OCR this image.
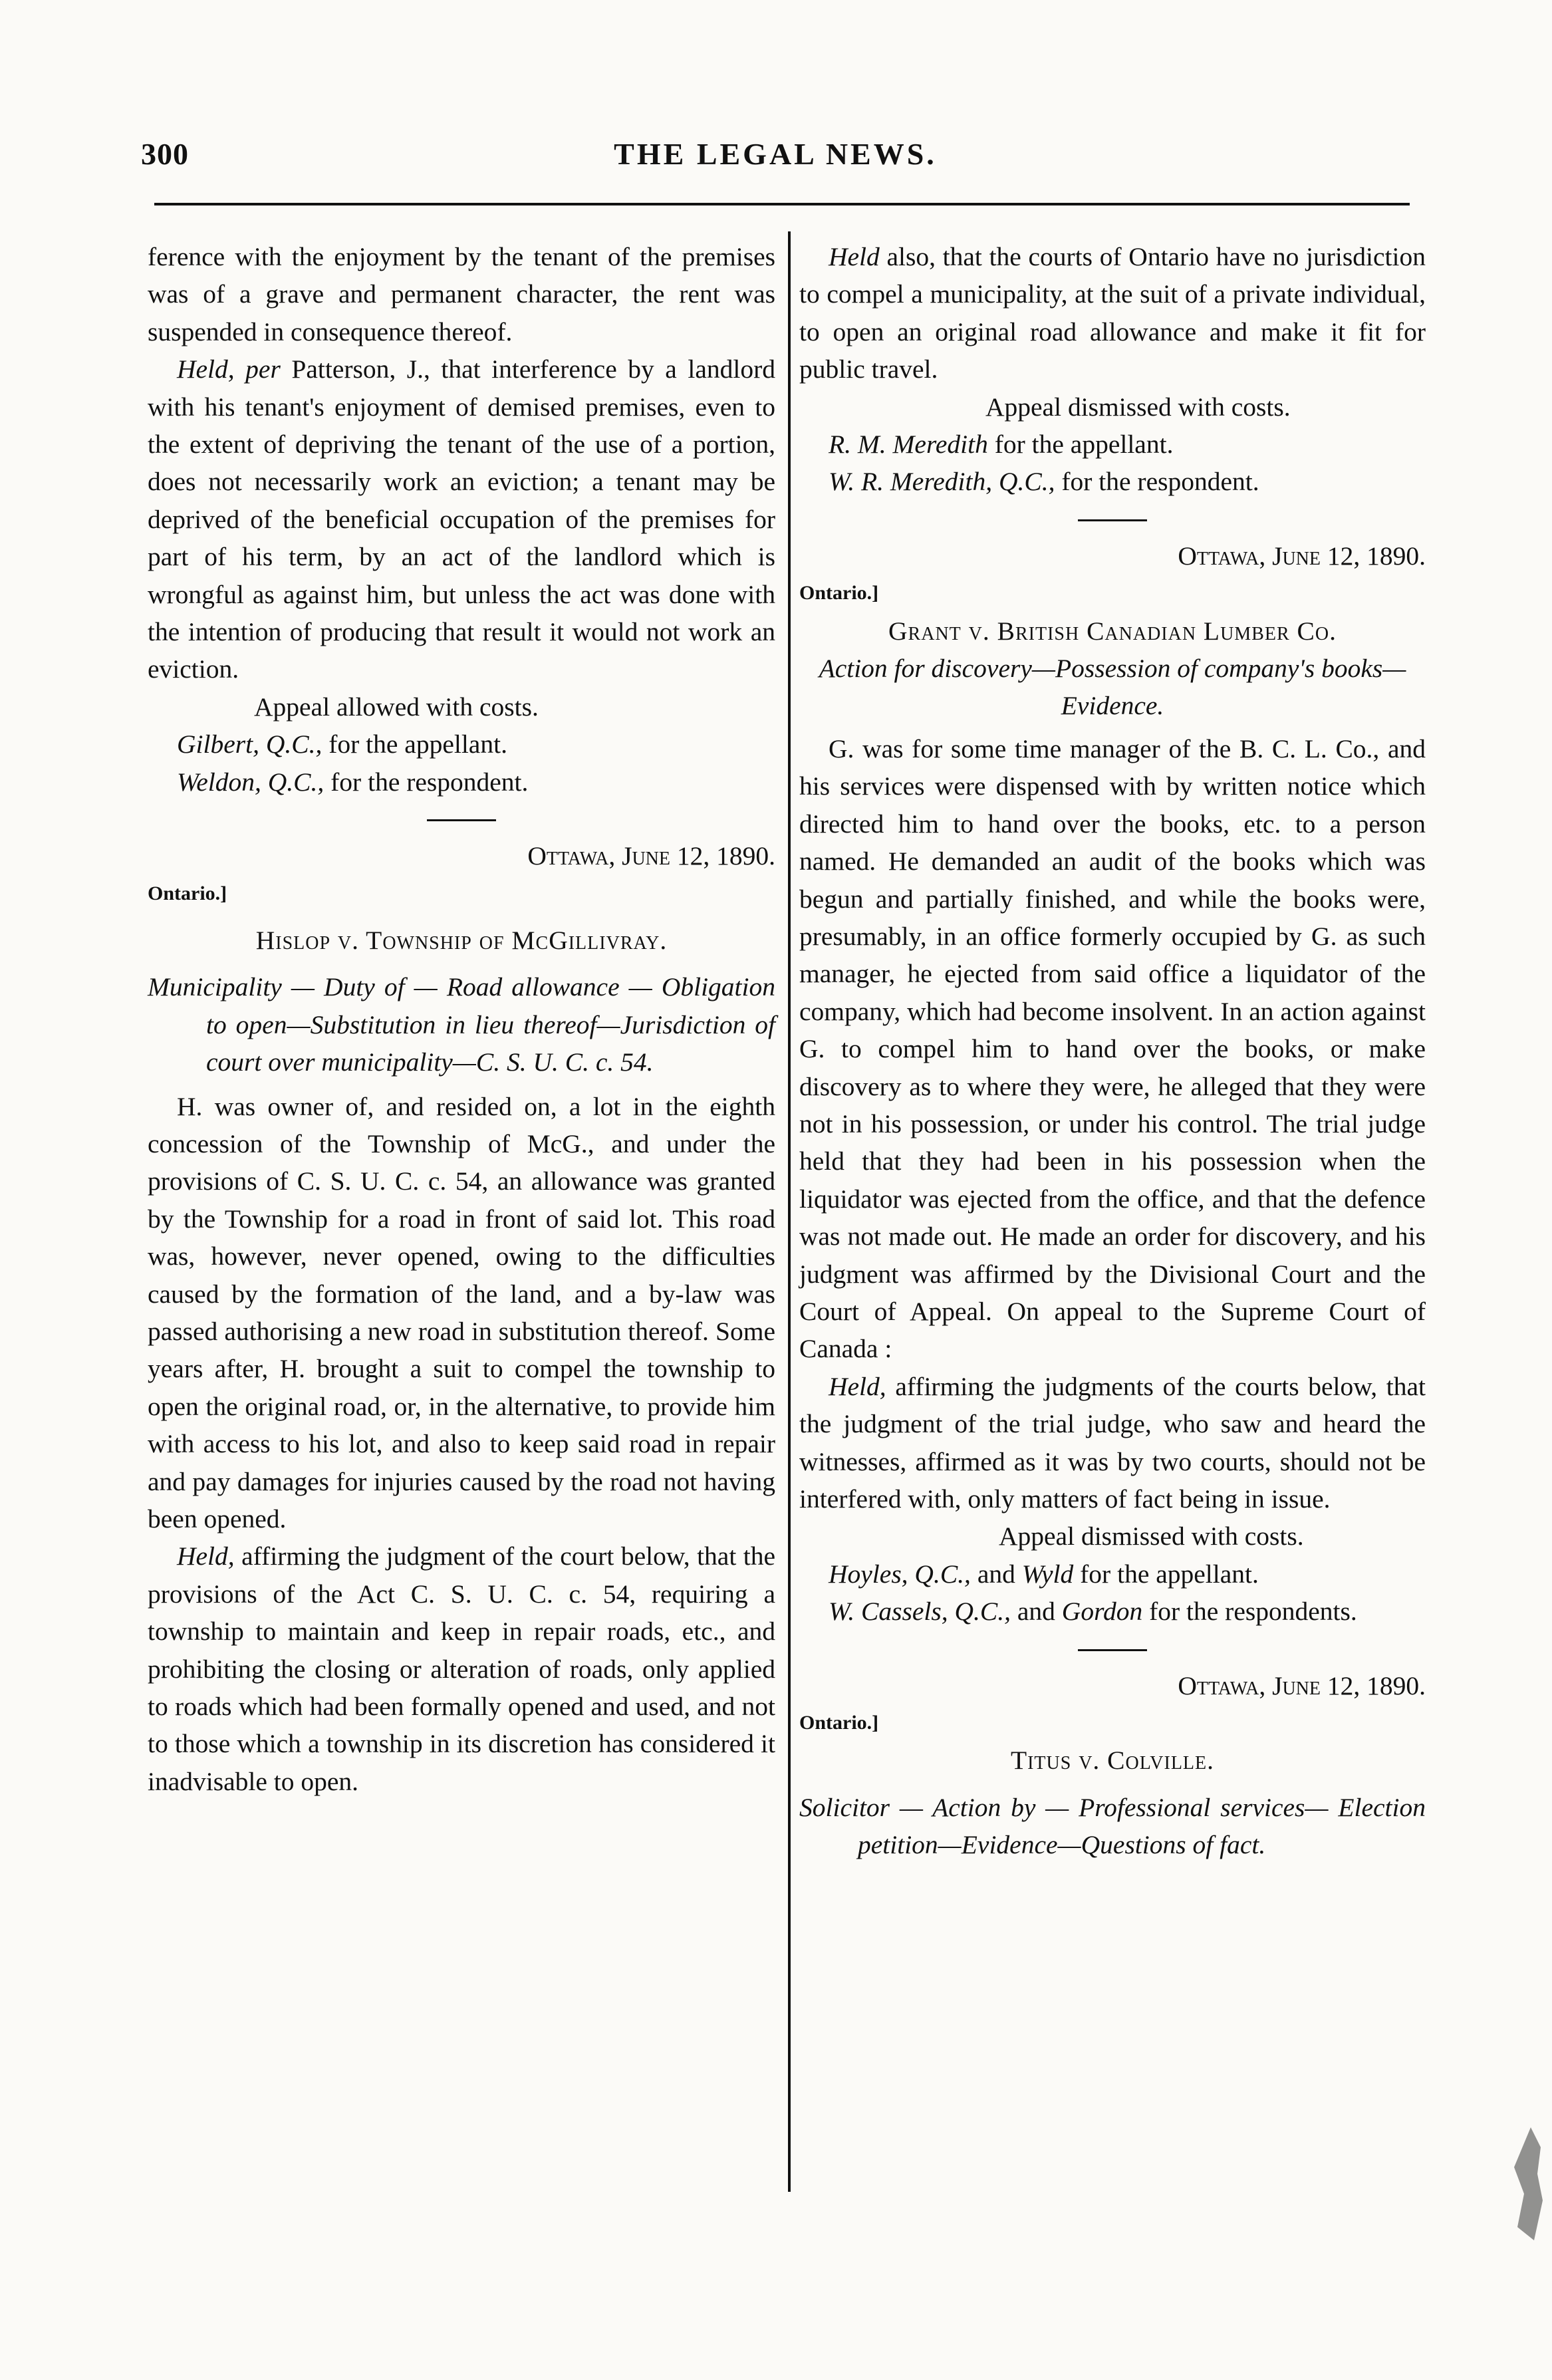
300	THE LEGAL NEWS.

ference with the enjoyment by the tenant of the premises was of a grave and permanent character, the rent was suspended in consequence thereof.

Held, per Patterson, J., that interference by a landlord with his tenant's enjoyment of demised premises, even to the extent of depriving the tenant of the use of a portion, does not necessarily work an eviction; a tenant may be deprived of the beneficial occupation of the premises for part of his term, by an act of the landlord which is wrongful as against him, but unless the act was done with the intention of producing that result it would not work an eviction.

Appeal allowed with costs.

Gilbert, Q.C., for the appellant.

Weldon, Q.C., for the respondent.

Ottawa, June 12, 1890.

Ontario.]

Hislop v. Township of McGillivray.

Municipality — Duty of — Road allowance — Obligation to open—Substitution in lieu thereof—Jurisdiction of court over municipality—C. S. U. C. c. 54.

H. was owner of, and resided on, a lot in the eighth concession of the Township of McG., and under the provisions of C. S. U. C. c. 54, an allowance was granted by the Township for a road in front of said lot. This road was, however, never opened, owing to the difficulties caused by the formation of the land, and a by-law was passed authorising a new road in substitution thereof. Some years after, H. brought a suit to compel the township to open the original road, or, in the alternative, to provide him with access to his lot, and also to keep said road in repair and pay damages for injuries caused by the road not having been opened.

Held, affirming the judgment of the court below, that the provisions of the Act C. S. U. C. c. 54, requiring a township to maintain and keep in repair roads, etc., and prohibiting the closing or alteration of roads, only applied to roads which had been formally opened and used, and not to those which a township in its discretion has considered it inadvisable to open.

Held also, that the courts of Ontario have no jurisdiction to compel a municipality, at the suit of a private individual, to open an original road allowance and make it fit for public travel.

Appeal dismissed with costs.

R. M. Meredith for the appellant.

W. R. Meredith, Q.C., for the respondent.

Ottawa, June 12, 1890.

Ontario.]

Grant v. British Canadian Lumber Co.

Action for discovery—Possession of company's books—Evidence.

G. was for some time manager of the B. C. L. Co., and his services were dispensed with by written notice which directed him to hand over the books, etc. to a person named. He demanded an audit of the books which was begun and partially finished, and while the books were, presumably, in an office formerly occupied by G. as such manager, he ejected from said office a liquidator of the company, which had become insolvent. In an action against G. to compel him to hand over the books, or make discovery as to where they were, he alleged that they were not in his possession, or under his control. The trial judge held that they had been in his possession when the liquidator was ejected from the office, and that the defence was not made out. He made an order for discovery, and his judgment was affirmed by the Divisional Court and the Court of Appeal. On appeal to the Supreme Court of Canada :

Held, affirming the judgments of the courts below, that the judgment of the trial judge, who saw and heard the witnesses, affirmed as it was by two courts, should not be interfered with, only matters of fact being in issue.

Appeal dismissed with costs.

Hoyles, Q.C., and Wyld for the appellant.

W. Cassels, Q.C., and Gordon for the respondents.

Ottawa, June 12, 1890.

Ontario.]

Titus v. Colville.

Solicitor — Action by — Professional services— Election petition—Evidence—Questions of fact.
